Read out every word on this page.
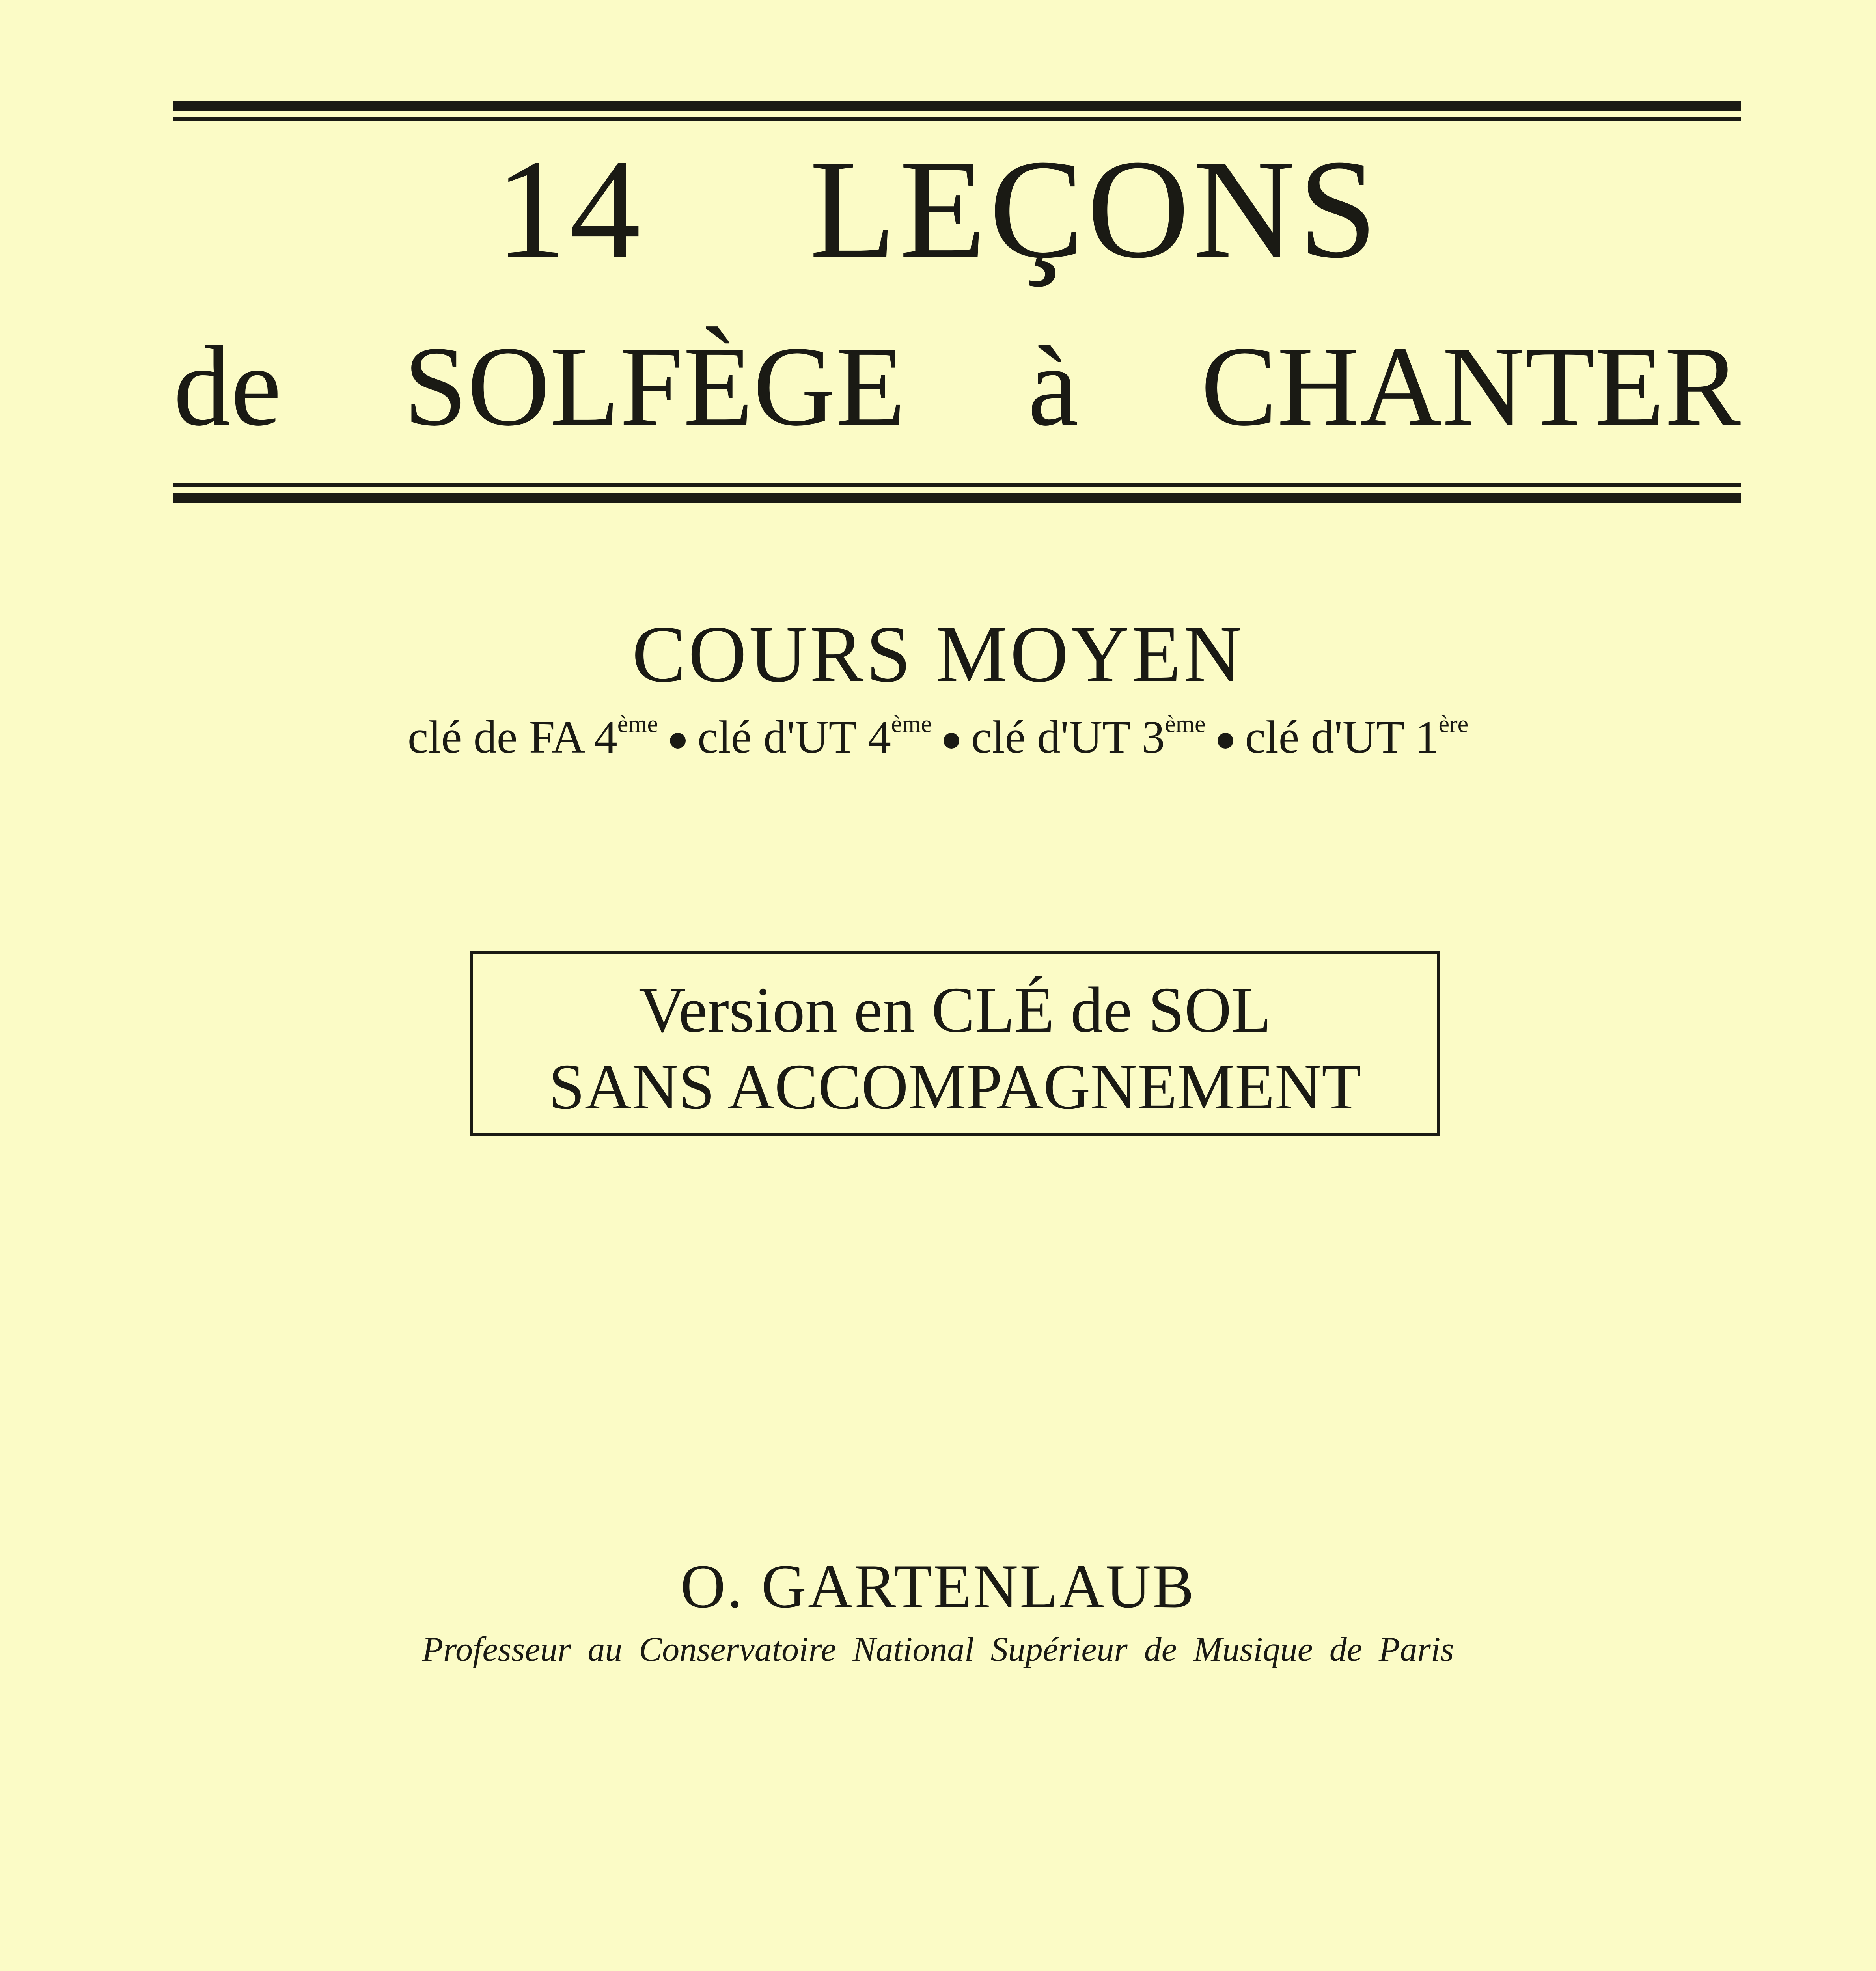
14 LEÇONS
de SOLFÈGE à CHANTER
COURS MOYEN
clé de FA 4ème clé d'UT 4ème clé d'UT 3ème clé d'UT 1ère
Version en CLÉ de SOL
SANS ACCOMPAGNEMENT
O. GARTENLAUB
Professeur au Conservatoire National Supérieur de Musique de Paris
